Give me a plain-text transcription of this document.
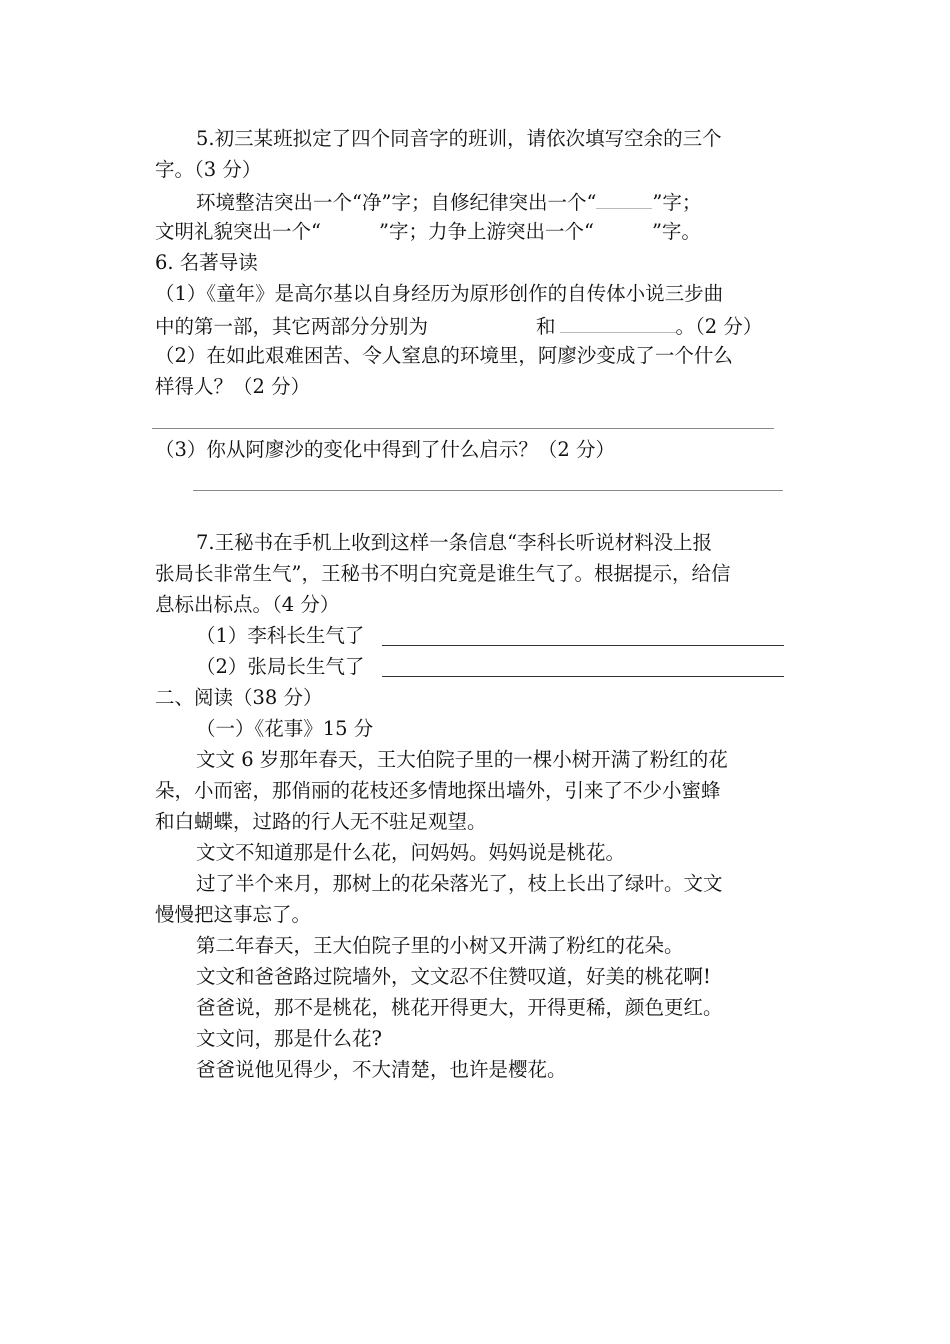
5.初三某班拟定了四个同音字的班训，请依次填写空余的三个
字。（3 分）
环境整洁突出一个“净”字；自修纪律突出一个“	”字；
文明礼貌突出一个“	”字；力争上游突出一个“	”字。
6. 名著导读
（1）《童年》是高尔基以自身经历为原形创作的自传体小说三步曲
中的第一部，其它两部分分别为	和	。（2 分）
（2）在如此艰难困苦、令人窒息的环境里，阿廖沙变成了一个什么
样得人？（2 分）
（3）你从阿廖沙的变化中得到了什么启示？（2 分）
7.王秘书在手机上收到这样一条信息“李科长听说材料没上报
张局长非常生气”，王秘书不明白究竟是谁生气了。根据提示，给信
息标出标点。（4 分）
（1）李科长生气了
（2）张局长生气了
二、阅读（38 分）
（一）《花事》15 分
文文 6 岁那年春天，王大伯院子里的一棵小树开满了粉红的花
朵，小而密，那俏丽的花枝还多情地探出墙外，引来了不少小蜜蜂
和白蝴蝶，过路的行人无不驻足观望。
文文不知道那是什么花，问妈妈。妈妈说是桃花。
过了半个来月，那树上的花朵落光了，枝上长出了绿叶。文文
慢慢把这事忘了。
第二年春天，王大伯院子里的小树又开满了粉红的花朵。
文文和爸爸路过院墙外，文文忍不住赞叹道，好美的桃花啊!
爸爸说，那不是桃花，桃花开得更大，开得更稀，颜色更红。
文文问，那是什么花?
爸爸说他见得少，不大清楚，也许是樱花。
